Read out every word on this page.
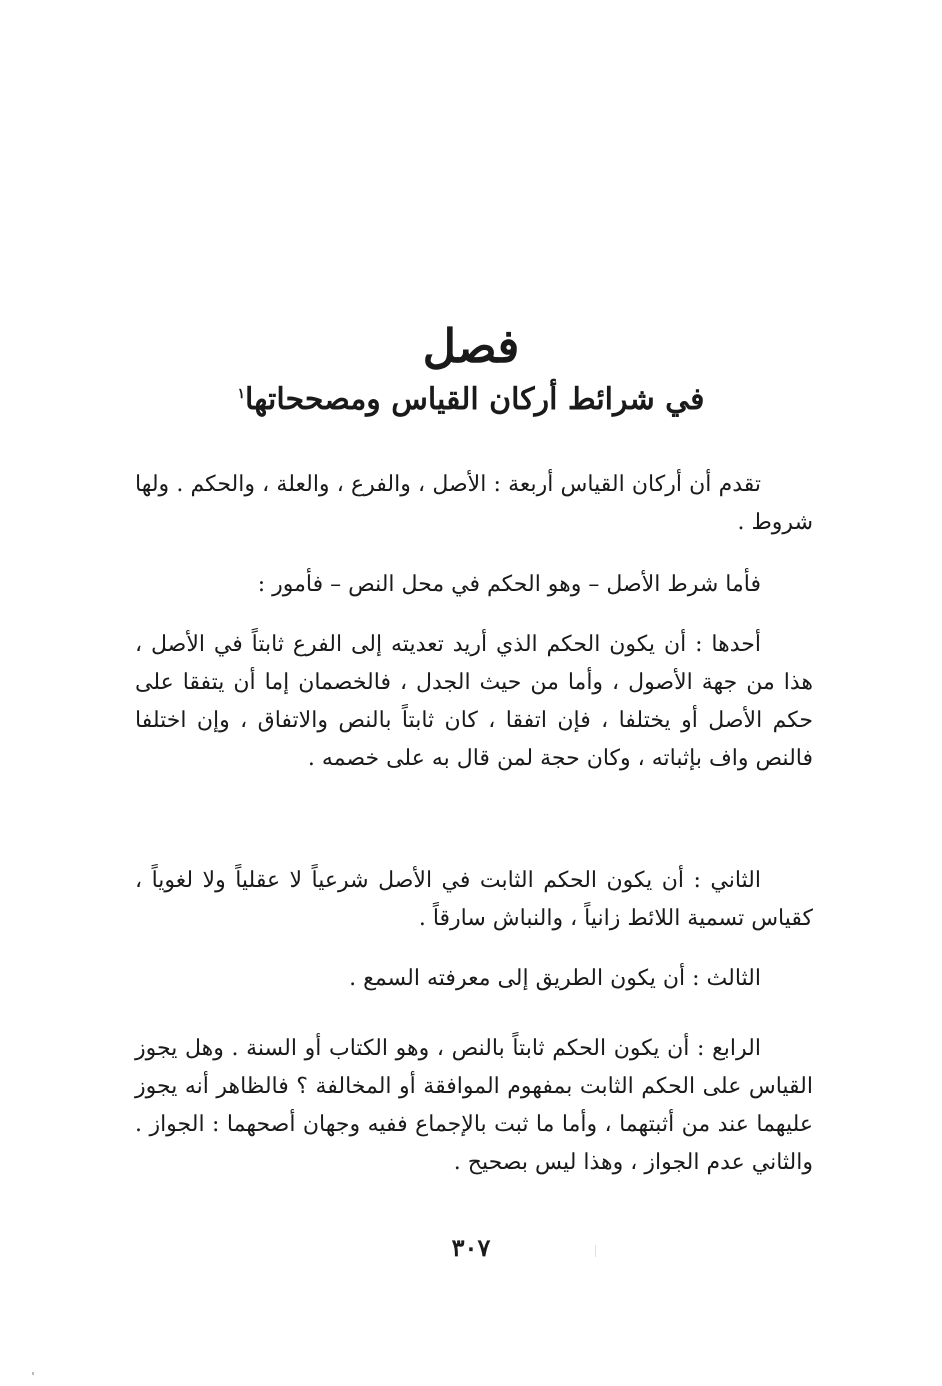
فصل
في شرائط أركان القياس ومصححاتها$^١$

تقدم أن أركان القياس أربعة : الأصل ، والفرع ، والعلة ، والحكم . ولها شروط .

فأما شرط الأصل – وهو الحكم في محل النص – فأمور :

أحدها : أن يكون الحكم الذي أريد تعديته إلى الفرع ثابتاً في الأصل ، هذا من جهة الأصول ، وأما من حيث الجدل ، فالخصمان إما أن يتفقا على حكم الأصل أو يختلفا ، فإن اتفقا ، كان ثابتاً بالنص والاتفاق ، وإن اختلفا فالنص واف بإثباته ، وكان حجة لمن قال به على خصمه .

الثاني : أن يكون الحكم الثابت في الأصل شرعياً لا عقلياً ولا لغوياً ، كقياس تسمية اللائط زانياً ، والنباش سارقاً .

الثالث : أن يكون الطريق إلى معرفته السمع .

الرابع : أن يكون الحكم ثابتاً بالنص ، وهو الكتاب أو السنة . وهل يجوز القياس على الحكم الثابت بمفهوم الموافقة أو المخالفة ؟ فالظاهر أنه يجوز عليهما عند من أثبتهما ، وأما ما ثبت بالإجماع ففيه وجهان أصحهما : الجواز . والثاني عدم الجواز ، وهذا ليس بصحيح .

٣٠٧
